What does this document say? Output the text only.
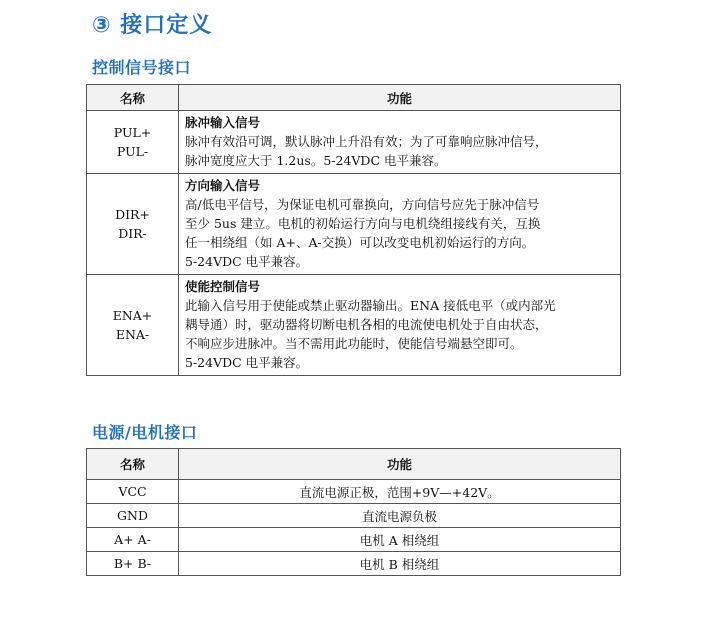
③ 接口定义
控制信号接口
名称	功能

PUL+
PUL-	脉冲输入信号
脉冲有效沿可调，默认脉冲上升沿有效；为了可靠响应脉冲信号，
脉冲宽度应大于 1.2us。5-24VDC 电平兼容。

DIR+
DIR-	方向输入信号
高/低电平信号，为保证电机可靠换向，方向信号应先于脉冲信号
至少 5us 建立。电机的初始运行方向与电机绕组接线有关，互换
任一相绕组（如 A+、A-交换）可以改变电机初始运行的方向。
5-24VDC 电平兼容。

ENA+
ENA-	使能控制信号
此输入信号用于使能或禁止驱动器输出。ENA 接低电平（或内部光
耦导通）时，驱动器将切断电机各相的电流使电机处于自由状态，
不响应步进脉冲。当不需用此功能时，使能信号端悬空即可。
5-24VDC 电平兼容。
电源/电机接口
名称	功能
VCC	直流电源正极，范围+9V—+42V。
GND	直流电源负极
A+ A-	电机 A 相绕组
B+ B-	电机 B 相绕组
